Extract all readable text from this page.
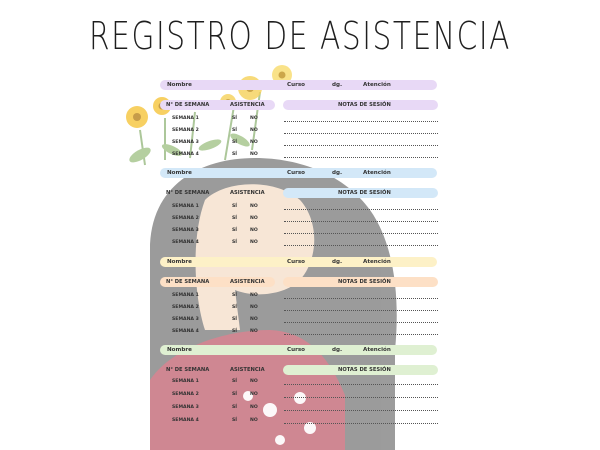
REGISTRO DE ASISTENCIA
Nombre	Curso	dg.	Atención
N° DE SEMANA	ASISTENCIA	NOTAS DE SESIÓN
SEMANA 1	SÍ	NO
SEMANA 2	SÍ	NO
SEMANA 3	SÍ	NO
SEMANA 4	SÍ	NO
Nombre	Curso	dg.	Atención
N° DE SEMANA	ASISTENCIA	NOTAS DE SESIÓN
SEMANA 1	SÍ	NO
SEMANA 2	SÍ	NO
SEMANA 3	SÍ	NO
SEMANA 4	SÍ	NO
Nombre	Curso	dg.	Atención
N° DE SEMANA	ASISTENCIA	NOTAS DE SESIÓN
SEMANA 1	SÍ	NO
SEMANA 2	SÍ	NO
SEMANA 3	SÍ	NO
SEMANA 4	SÍ	NO
Nombre	Curso	dg.	Atención
N° DE SEMANA	ASISTENCIA	NOTAS DE SESIÓN
SEMANA 1	SÍ	NO
SEMANA 2	SÍ	NO
SEMANA 3	SÍ	NO
SEMANA 4	SÍ	NO
